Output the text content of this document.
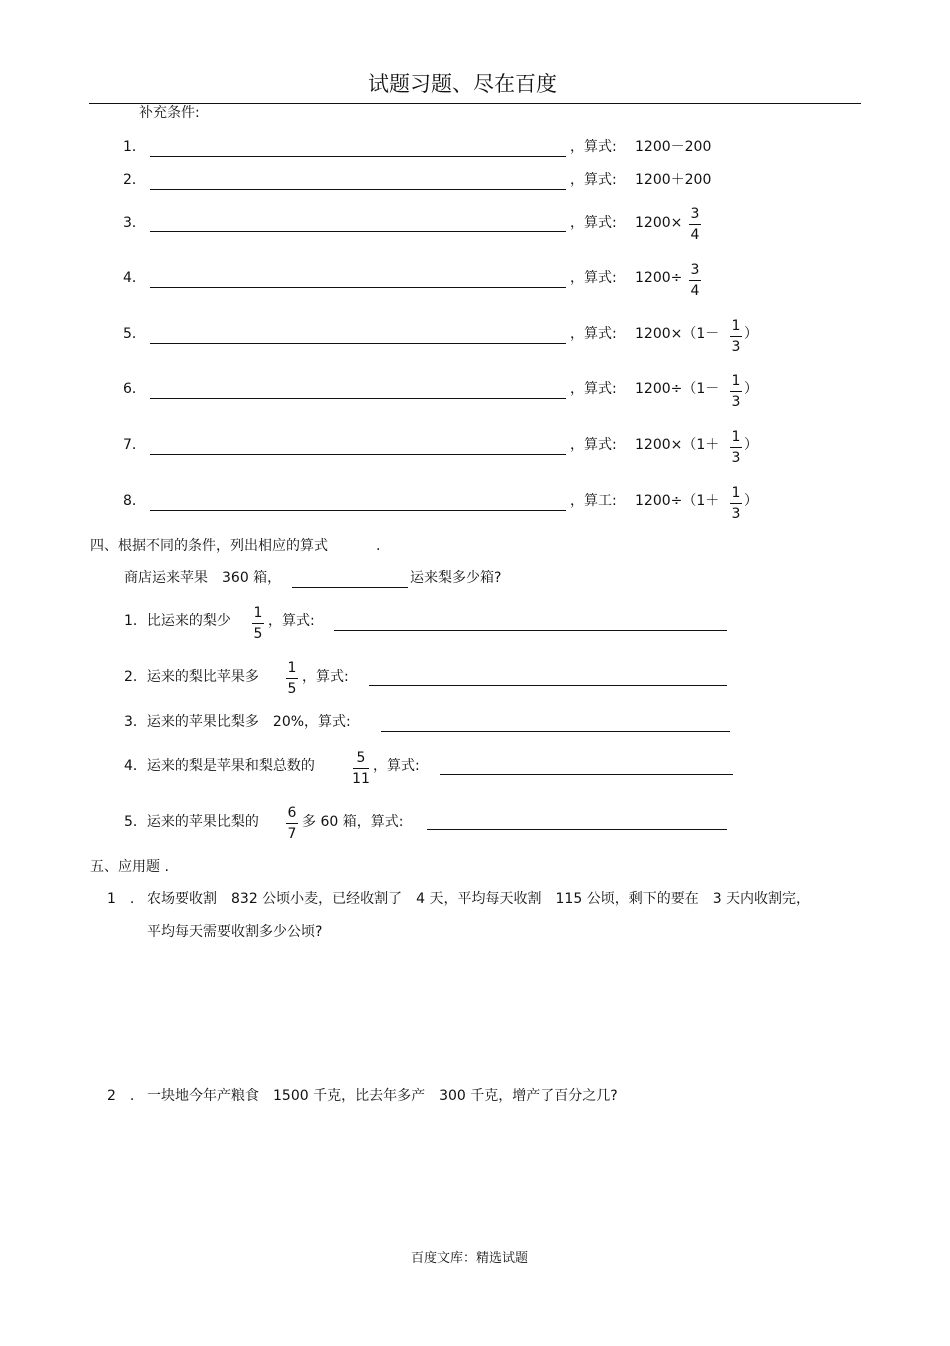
试题习题、尽在百度
补充条件:
1．	，算式: 1200－200
2．	，算式: 1200＋200
3．	，算式: 1200×
3
4
4．	，算式: 1200÷ 3
4
5．	，算式: 1200×（1－ 1
3
）
6．	，算式: 1200÷（1－ 1
3
）
7．	，算式: 1200×（1＋ 1
3
）
8．	，算工: 1200÷（1＋ 1
3
）
四、根据不同的条件，列出相应的算式	.
商店运来苹果　360 箱，	运来梨多少箱?
1．比运来的梨少	1
5
，算式:
2．运来的梨比苹果多
1
5
，算式:
3．运来的苹果比梨多　20%，算式:
4．运来的梨是苹果和梨总数的	5
11
，算式:
5．运来的苹果比梨的
6
7
多 60 箱，算式:
五、应用题 .
1　. 农场要收割　832 公顷小麦，已经收割了　4 天，平均每天收割　115 公顷，剩下的要在　3 天内收割完，
平均每天需要收割多少公顷?
2　. 一块地今年产粮食　1500 千克，比去年多产　300 千克，增产了百分之几?
百度文库：精选试题
